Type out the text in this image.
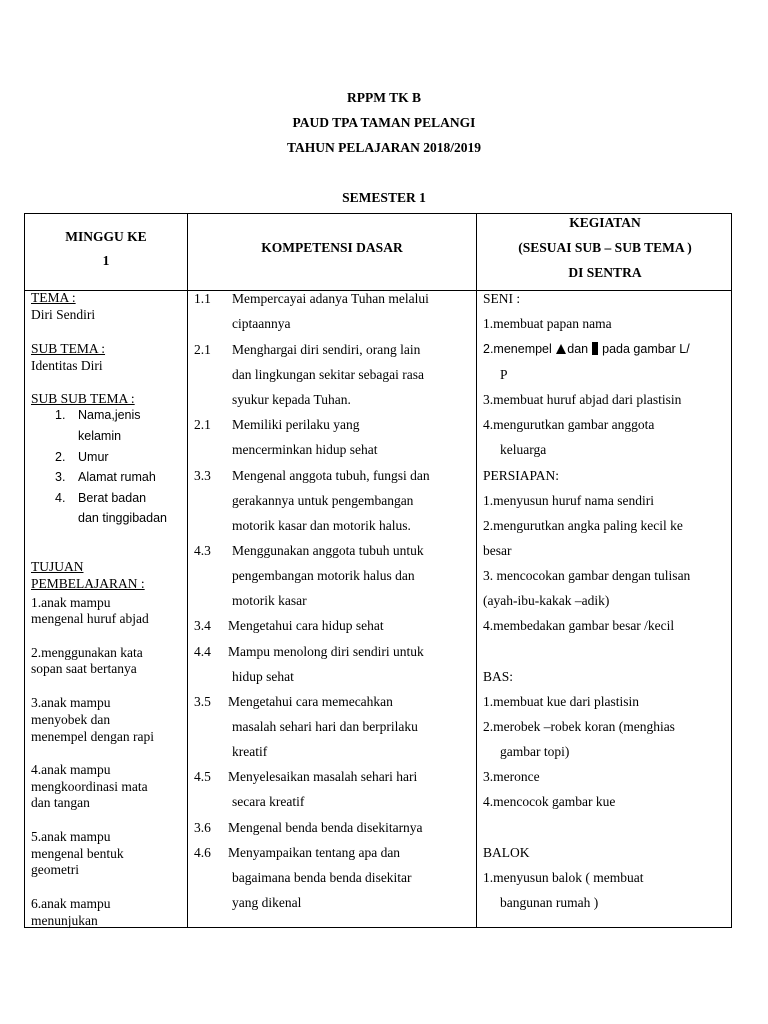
RPPM TK B
PAUD TPA TAMAN PELANGI
TAHUN PELAJARAN 2018/2019
SEMESTER 1
MINGGU KE
1
KOMPETENSI DASAR
KEGIATAN
(SESUAI SUB – SUB TEMA )
DI SENTRA
TEMA :
Diri Sendiri
SUB TEMA :
Identitas Diri
SUB SUB TEMA :
1. Nama,jenis
kelamin
2. Umur
3. Alamat rumah
4. Berat badan
dan tinggibadan
TUJUAN
PEMBELAJARAN :
1.anak mampu
mengenal huruf abjad
2.menggunakan kata
sopan saat bertanya
3.anak mampu
menyobek dan
menempel dengan rapi
4.anak mampu
mengkoordinasi mata
dan tangan
5.anak mampu
mengenal bentuk
geometri
6.anak mampu
menunjukan
1.1 Mempercayai adanya Tuhan melalui
ciptaannya
2.1 Menghargai diri sendiri, orang lain
dan lingkungan sekitar sebagai rasa
syukur kepada Tuhan.
2.1 Memiliki perilaku yang
mencerminkan hidup sehat
3.3 Mengenal anggota tubuh, fungsi dan
gerakannya untuk pengembangan
motorik kasar dan motorik halus.
4.3 Menggunakan anggota tubuh untuk
pengembangan motorik halus dan
motorik kasar
3.4 Mengetahui cara hidup sehat
4.4 Mampu menolong diri sendiri untuk
hidup sehat
3.5 Mengetahui cara memecahkan
masalah sehari hari dan berprilaku
kreatif
4.5 Menyelesaikan masalah sehari hari
secara kreatif
3.6 Mengenal benda benda disekitarnya
4.6 Menyampaikan tentang apa dan
bagaimana benda benda disekitar
yang dikenal
SENI :
1.membuat papan nama
2.menempel dan pada gambar L/
P
3.membuat huruf abjad dari plastisin
4.mengurutkan gambar anggota
keluarga
PERSIAPAN:
1.menyusun huruf nama sendiri
2.mengurutkan angka paling kecil ke
besar
3. mencocokan gambar dengan tulisan
(ayah-ibu-kakak –adik)
4.membedakan gambar besar /kecil
BAS:
1.membuat kue dari plastisin
2.merobek –robek koran (menghias
gambar topi)
3.meronce
4.mencocok gambar kue
BALOK
1.menyusun balok ( membuat
bangunan rumah )
